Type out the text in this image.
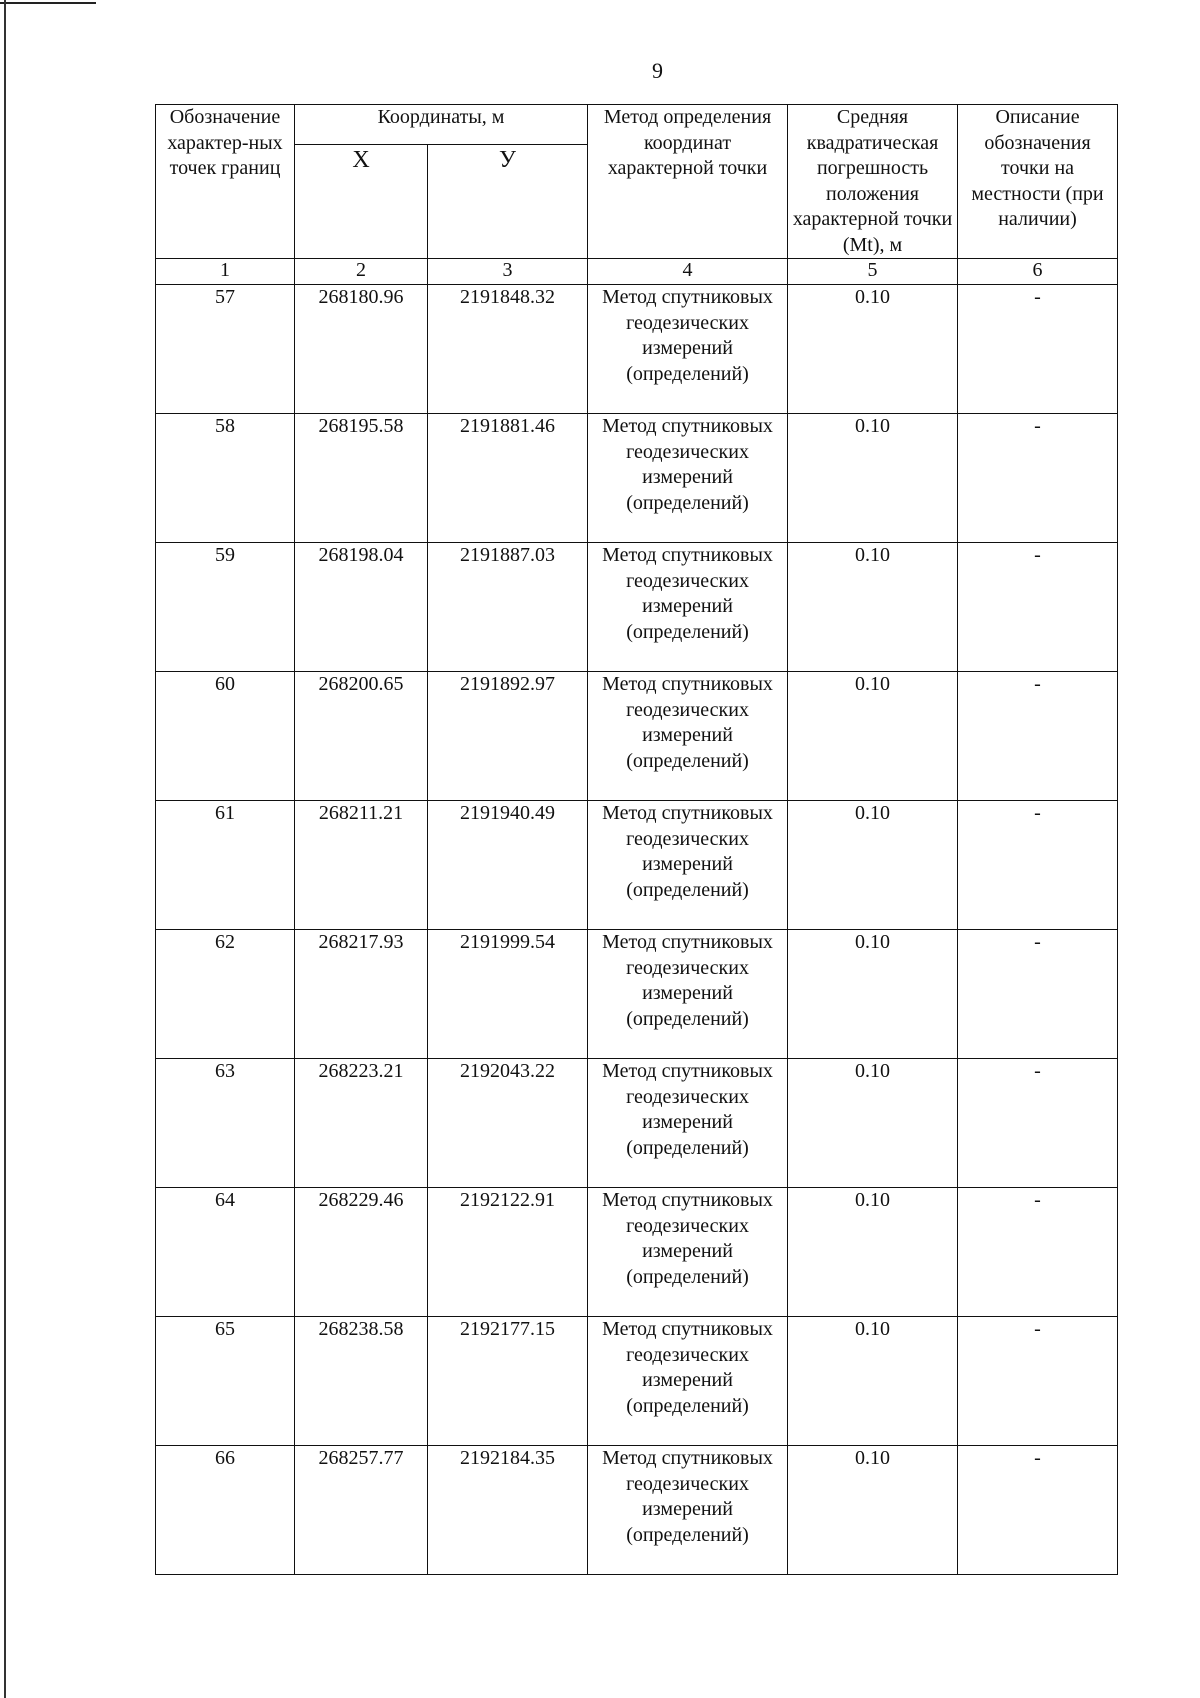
9
Обозначение характер-ных точек границ	Координаты, м		Метод определения координат характерной точки	Средняя квадратическая погрешность положения характерной точки (Mt), м	Описание обозначения точки на местности (при наличии)
	Х	У			
1	2	3	4	5	6
57	268180.96	2191848.32	Метод спутниковых геодезических измерений (определений)	0.10	-
58	268195.58	2191881.46	Метод спутниковых геодезических измерений (определений)	0.10	-
59	268198.04	2191887.03	Метод спутниковых геодезических измерений (определений)	0.10	-
60	268200.65	2191892.97	Метод спутниковых геодезических измерений (определений)	0.10	-
61	268211.21	2191940.49	Метод спутниковых геодезических измерений (определений)	0.10	-
62	268217.93	2191999.54	Метод спутниковых геодезических измерений (определений)	0.10	-
63	268223.21	2192043.22	Метод спутниковых геодезических измерений (определений)	0.10	-
64	268229.46	2192122.91	Метод спутниковых геодезических измерений (определений)	0.10	-
65	268238.58	2192177.15	Метод спутниковых геодезических измерений (определений)	0.10	-
66	268257.77	2192184.35	Метод спутниковых геодезических измерений (определений)	0.10	-
